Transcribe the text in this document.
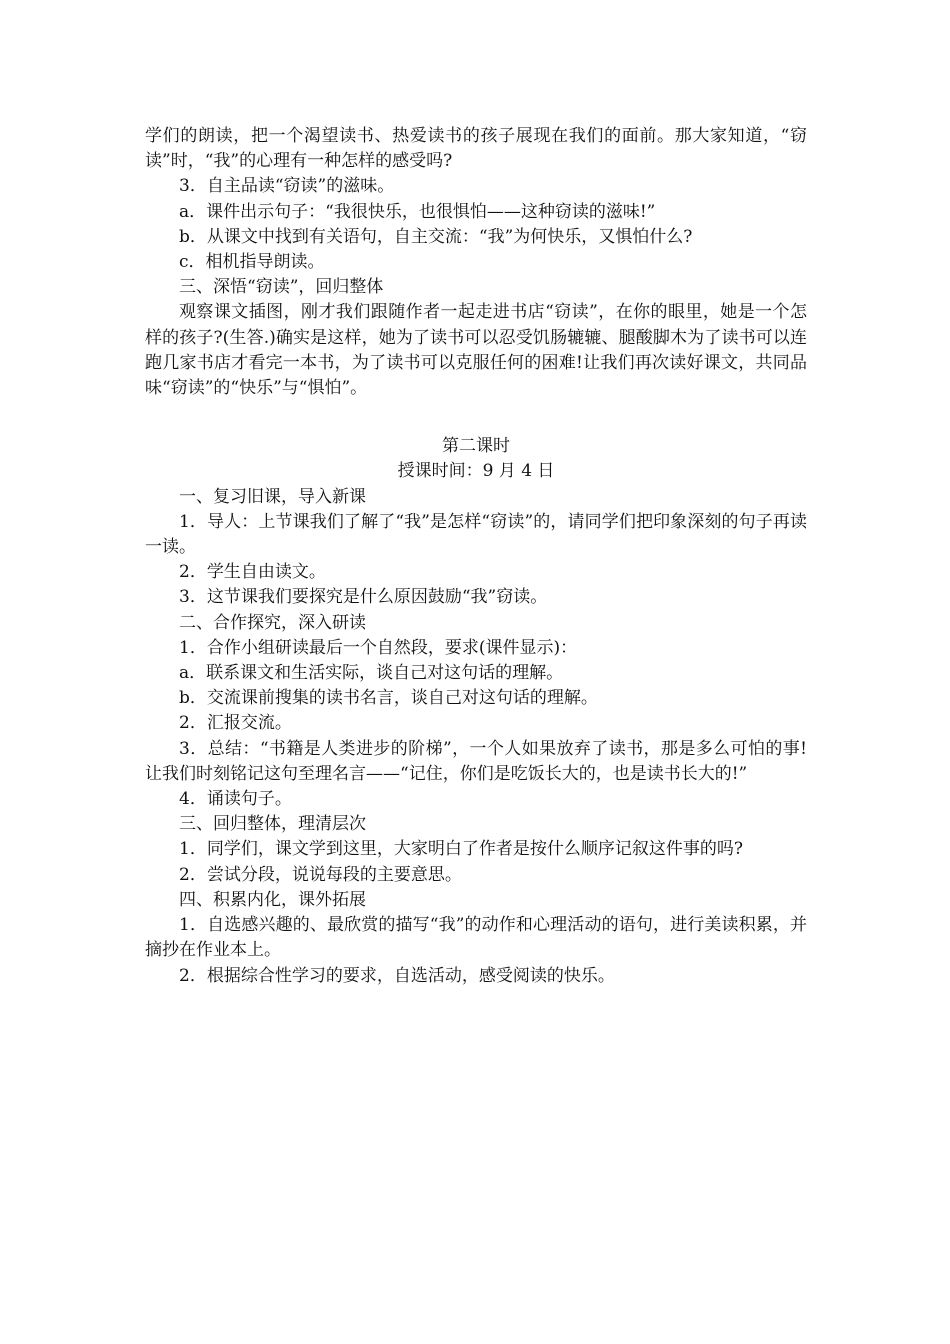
学们的朗读，把一个渴望读书、热爱读书的孩子展现在我们的面前。那大家知道，“窃读”时，“我”的心理有一种怎样的感受吗?

3．自主品读“窃读”的滋味。

a．课件出示句子：“我很快乐，也很惧怕——这种窃读的滋味!”

b．从课文中找到有关语句，自主交流：“我”为何快乐，又惧怕什么?

c．相机指导朗读。

三、深悟“窃读”，回归整体

观察课文插图，刚才我们跟随作者一起走进书店“窃读”，在你的眼里，她是一个怎样的孩子?(生答.)确实是这样，她为了读书可以忍受饥肠辘辘、腿酸脚木为了读书可以连跑几家书店才看完一本书，为了读书可以克服任何的困难!让我们再次读好课文，共同品味“窃读”的“快乐”与“惧怕”。

第二课时

授课时间：9 月 4 日

一、复习旧课，导入新课

1．导人：上节课我们了解了“我”是怎样“窃读”的，请同学们把印象深刻的句子再读一读。

2．学生自由读文。

3．这节课我们要探究是什么原因鼓励“我”窃读。

二、合作探究，深入研读

1．合作小组研读最后一个自然段，要求(课件显示)：

a．联系课文和生活实际，谈自己对这句话的理解。

b．交流课前搜集的读书名言，谈自己对这句话的理解。

2．汇报交流。

3．总结：“书籍是人类进步的阶梯”，一个人如果放弃了读书，那是多么可怕的事!让我们时刻铭记这句至理名言——“记住，你们是吃饭长大的，也是读书长大的!”

4．诵读句子。

三、回归整体，理清层次

1．同学们，课文学到这里，大家明白了作者是按什么顺序记叙这件事的吗?

2．尝试分段，说说每段的主要意思。

四、积累内化，课外拓展

1．自选感兴趣的、最欣赏的描写“我”的动作和心理活动的语句，进行美读积累，并摘抄在作业本上。

2．根据综合性学习的要求，自选活动，感受阅读的快乐。
